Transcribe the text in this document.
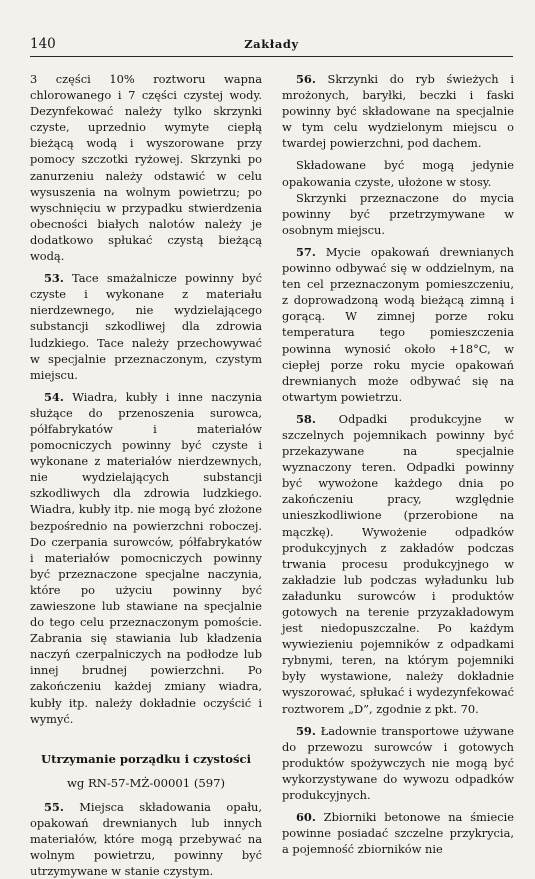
140	Zakłady

3 części 10% roztworu wapna chlorowanego i 7 części czystej wody. Dezynfekować należy tylko skrzynki czyste, uprzednio wymyte ciepłą bieżącą wodą i wyszorowane przy pomocy szczotki ryżowej. Skrzynki po zanurzeniu należy odstawić w celu wysuszenia na wolnym powietrzu; po wyschnięciu w przypadku stwierdzenia obecności białych nalotów należy je dodatkowo spłukać czystą bieżącą wodą.

53. Tace smażalnicze powinny być czyste i wykonane z materiału nierdzewnego, nie wydzielającego substancji szkodliwej dla zdrowia ludzkiego. Tace należy przechowywać w specjalnie przeznaczonym, czystym miejscu.

54. Wiadra, kubły i inne naczynia służące do przenoszenia surowca, półfabrykatów i materiałów pomocniczych powinny być czyste i wykonane z materiałów nierdzewnych, nie wydzielających substancji szkodliwych dla zdrowia ludzkiego. Wiadra, kubły itp. nie mogą być złożone bezpośrednio na powierzchni roboczej. Do czerpania surowców, półfabrykatów i materiałów pomocniczych powinny być przeznaczone specjalne naczynia, które po użyciu powinny być zawieszone lub stawiane na specjalnie do tego celu przeznaczonym pomoście. Zabrania się stawiania lub kładzenia naczyń czerpalniczych na podłodze lub innej brudnej powierzchni. Po zakończeniu każdej zmiany wiadra, kubły itp. należy dokładnie oczyścić i wymyć.

Utrzymanie porządku i czystości

wg RN-57-MŻ-00001 (597)

55. Miejsca składowania opału, opakowań drewnianych lub innych materiałów, które mogą przebywać na wolnym powietrzu, powinny być utrzymywane w stanie czystym.

56. Skrzynki do ryb świeżych i mrożonych, baryłki, beczki i faski powinny być składowane na specjalnie w tym celu wydzielonym miejscu o twardej powierzchni, pod dachem.

Składowane być mogą jedynie opakowania czyste, ułożone w stosy.

Skrzynki przeznaczone do mycia powinny być przetrzymywane w osobnym miejscu.

57. Mycie opakowań drewnianych powinno odbywać się w oddzielnym, na ten cel przeznaczonym pomieszczeniu, z doprowadzoną wodą bieżącą zimną i gorącą. W zimnej porze roku temperatura tego pomieszczenia powinna wynosić około +18°C, w ciepłej porze roku mycie opakowań drewnianych może odbywać się na otwartym powietrzu.

58. Odpadki produkcyjne w szczelnych pojemnikach powinny być przekazywane na specjalnie wyznaczony teren. Odpadki powinny być wywożone każdego dnia po zakończeniu pracy, względnie unieszkodliwione (przerobione na mączkę). Wywożenie odpadków produkcyjnych z zakładów podczas trwania procesu produkcyjnego w zakładzie lub podczas wyładunku lub załadunku surowców i produktów gotowych na terenie przyzakładowym jest niedopuszczalne. Po każdym wywiezieniu pojemników z odpadkami rybnymi, teren, na którym pojemniki były wystawione, należy dokładnie wyszorować, spłukać i wydezynfekować roztworem „D”, zgodnie z pkt. 70.

59. Ładownie transportowe używane do przewozu surowców i gotowych produktów spożywczych nie mogą być wykorzystywane do wywozu odpadków produkcyjnych.

60. Zbiorniki betonowe na śmiecie powinne posiadać szczelne przykrycia, a pojemność zbiorników nie
